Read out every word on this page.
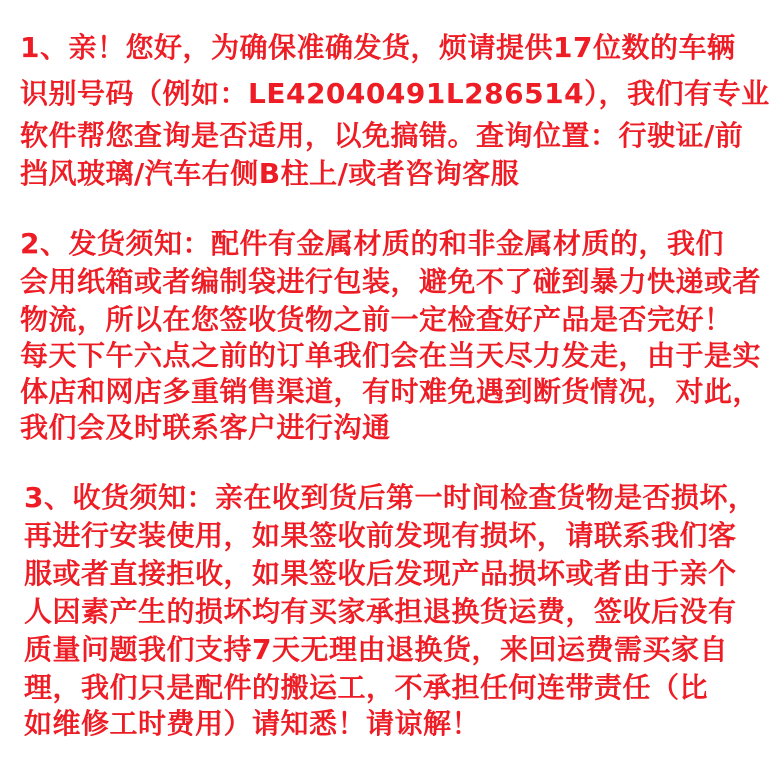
1、亲！您好，为确保准确发货，烦请提供17位数的车辆

识别号码（例如：LE42040491L286514），我们有专业

软件帮您查询是否适用，以免搞错。查询位置：行驶证/前

挡风玻璃/汽车右侧B柱上/或者咨询客服

2、发货须知：配件有金属材质的和非金属材质的，我们

会用纸箱或者编制袋进行包装，避免不了碰到暴力快递或者

物流，所以在您签收货物之前一定检查好产品是否完好！

每天下午六点之前的订单我们会在当天尽力发走，由于是实

体店和网店多重销售渠道，有时难免遇到断货情况，对此，

我们会及时联系客户进行沟通

3、收货须知：亲在收到货后第一时间检查货物是否损坏，

再进行安装使用，如果签收前发现有损坏，请联系我们客

服或者直接拒收，如果签收后发现产品损坏或者由于亲个

人因素产生的损坏均有买家承担退换货运费，签收后没有

质量问题我们支持7天无理由退换货，来回运费需买家自

理，我们只是配件的搬运工，不承担任何连带责任（比

如维修工时费用）请知悉！请谅解！
